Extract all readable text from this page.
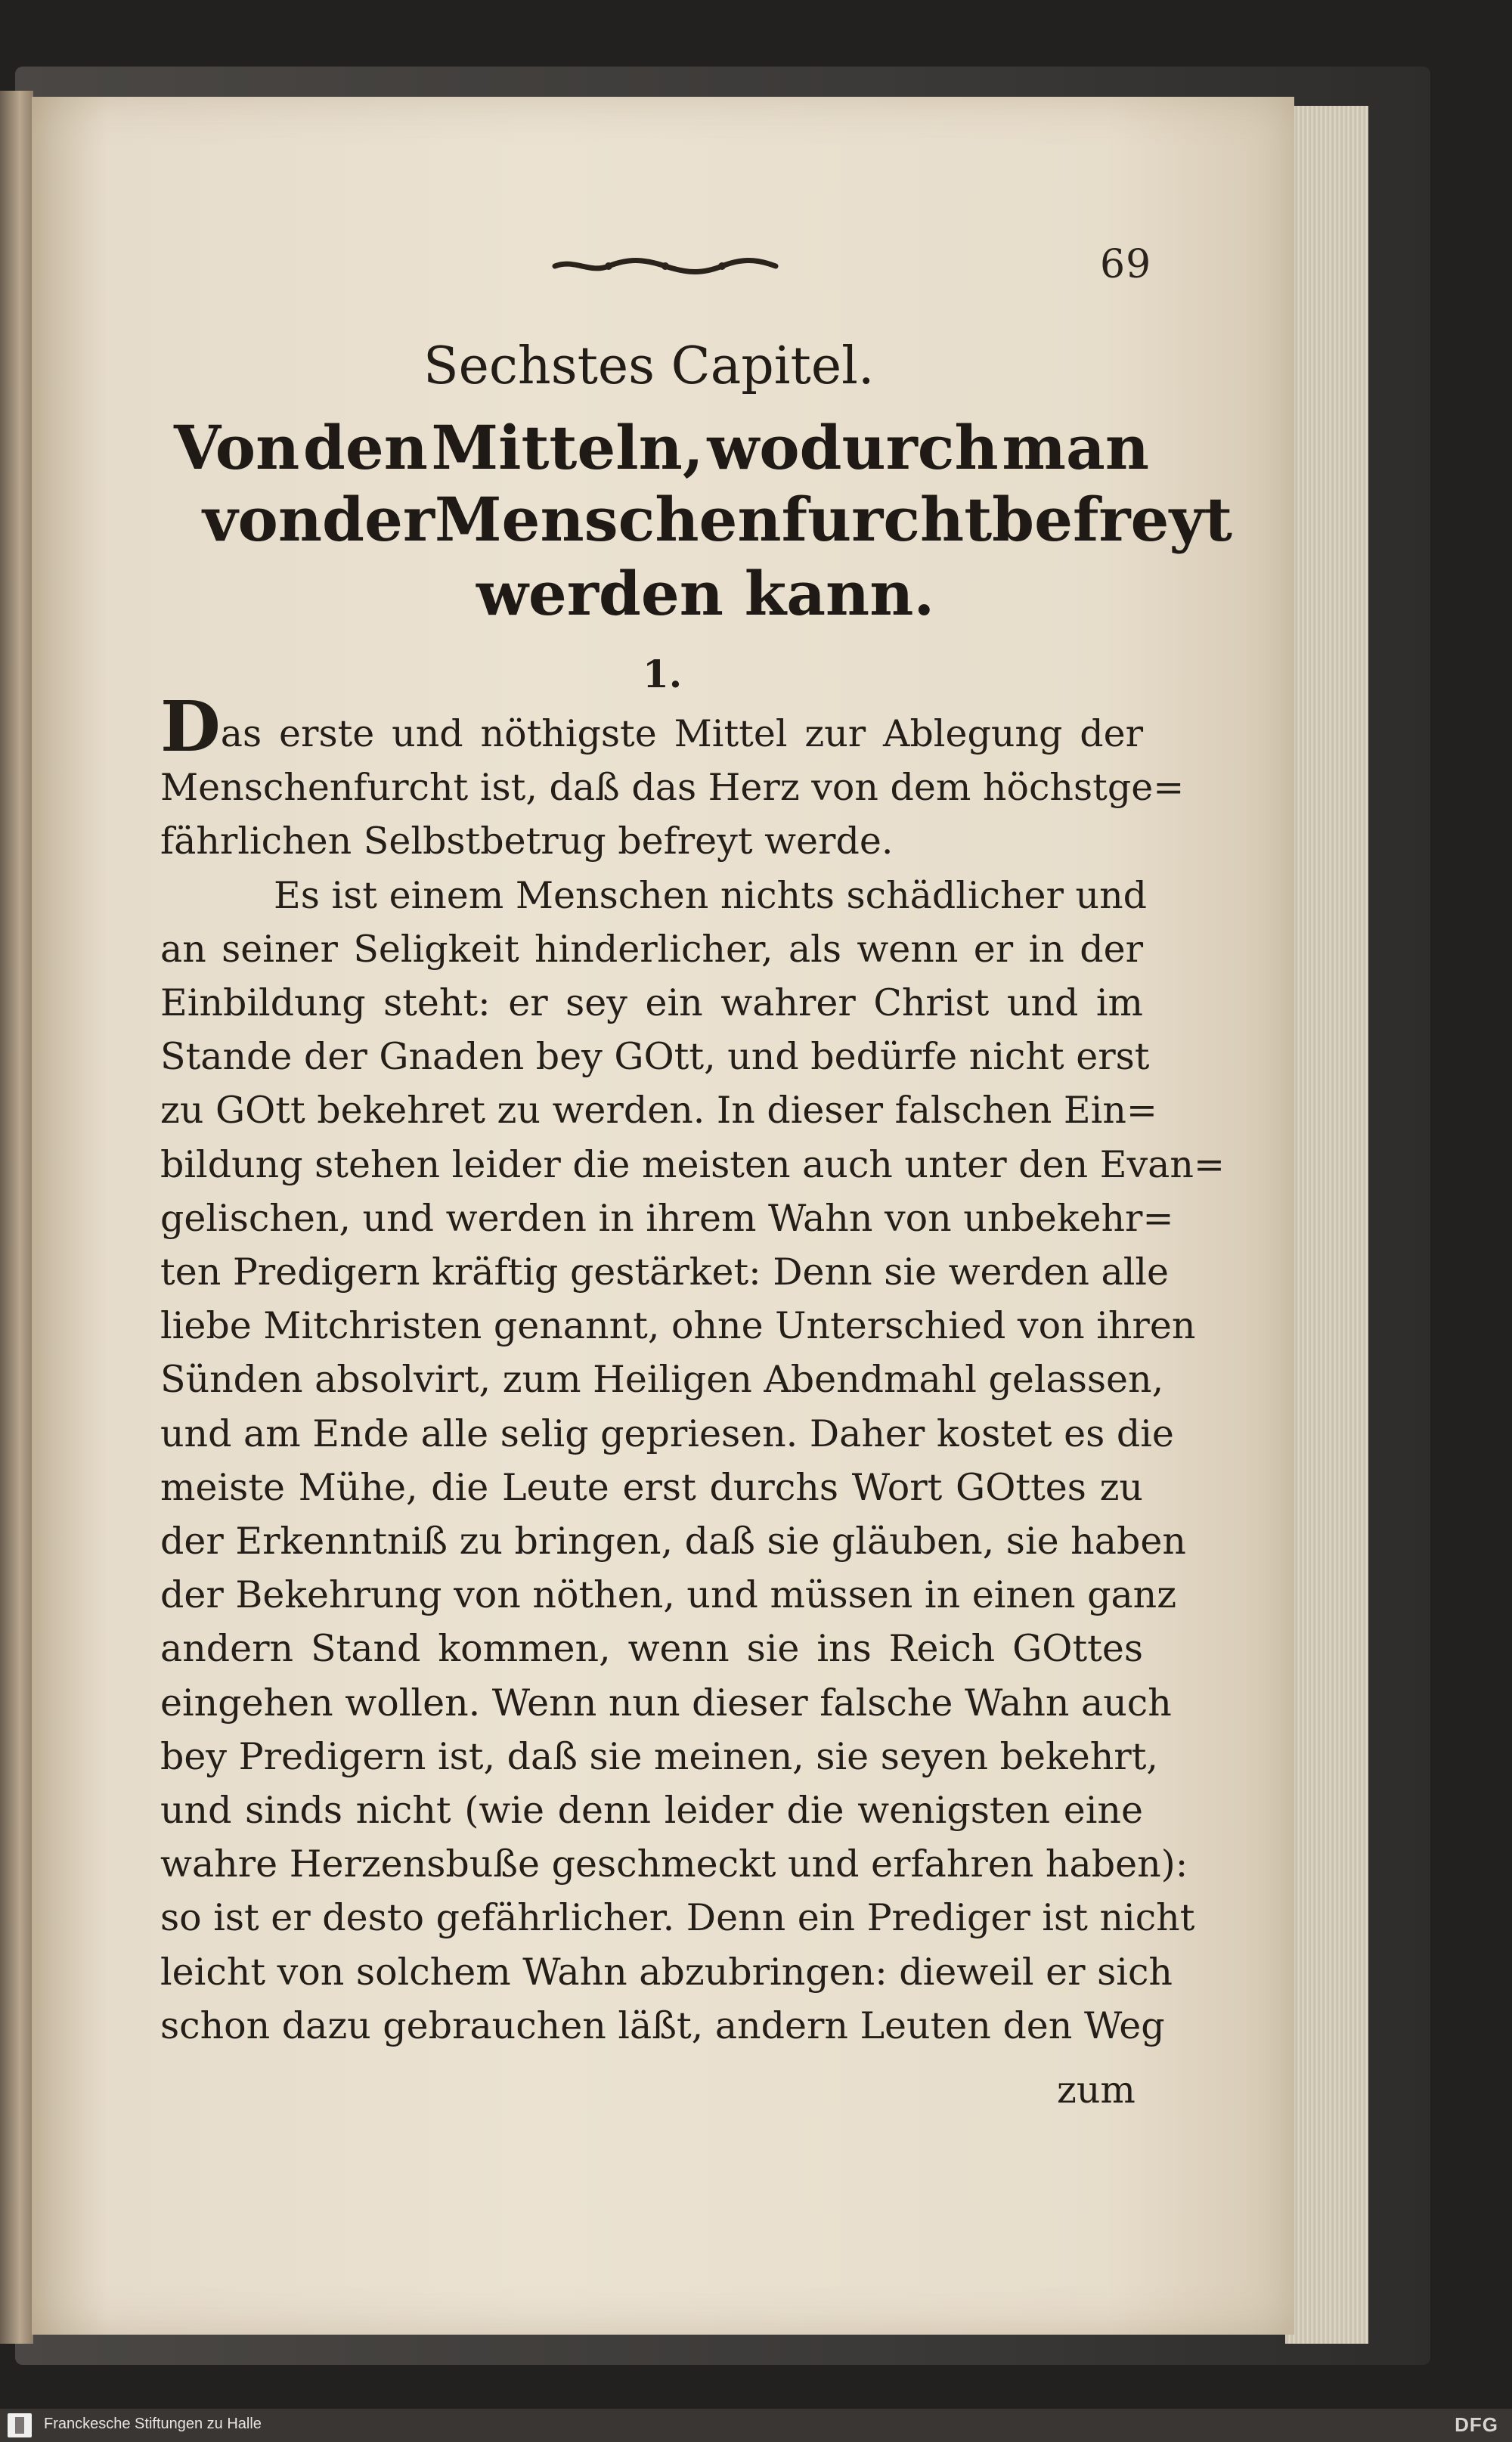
69
Sechstes Capitel.
Von den Mitteln, wodurch man
von der Menschenfurcht befreyt
werden kann.
1.
Das erste und nöthigste Mittel zur Ablegung der
Menschenfurcht ist, daß das Herz von dem höchstge=
fährlichen Selbstbetrug befreyt werde.
Es ist einem Menschen nichts schädlicher und
an seiner Seligkeit hinderlicher, als wenn er in der
Einbildung steht: er sey ein wahrer Christ und im
Stande der Gnaden bey GOtt, und bedürfe nicht erst
zu GOtt bekehret zu werden. In dieser falschen Ein=
bildung stehen leider die meisten auch unter den Evan=
gelischen, und werden in ihrem Wahn von unbekehr=
ten Predigern kräftig gestärket: Denn sie werden alle
liebe Mitchristen genannt, ohne Unterschied von ihren
Sünden absolvirt, zum Heiligen Abendmahl gelassen,
und am Ende alle selig gepriesen. Daher kostet es die
meiste Mühe, die Leute erst durchs Wort GOttes zu
der Erkenntniß zu bringen, daß sie gläuben, sie haben
der Bekehrung von nöthen, und müssen in einen ganz
andern Stand kommen, wenn sie ins Reich GOttes
eingehen wollen. Wenn nun dieser falsche Wahn auch
bey Predigern ist, daß sie meinen, sie seyen bekehrt,
und sinds nicht (wie denn leider die wenigsten eine
wahre Herzensbuße geschmeckt und erfahren haben):
so ist er desto gefährlicher. Denn ein Prediger ist nicht
leicht von solchem Wahn abzubringen: dieweil er sich
schon dazu gebrauchen läßt, andern Leuten den Weg
zum
Franckesche Stiftungen zu Halle	DFG
